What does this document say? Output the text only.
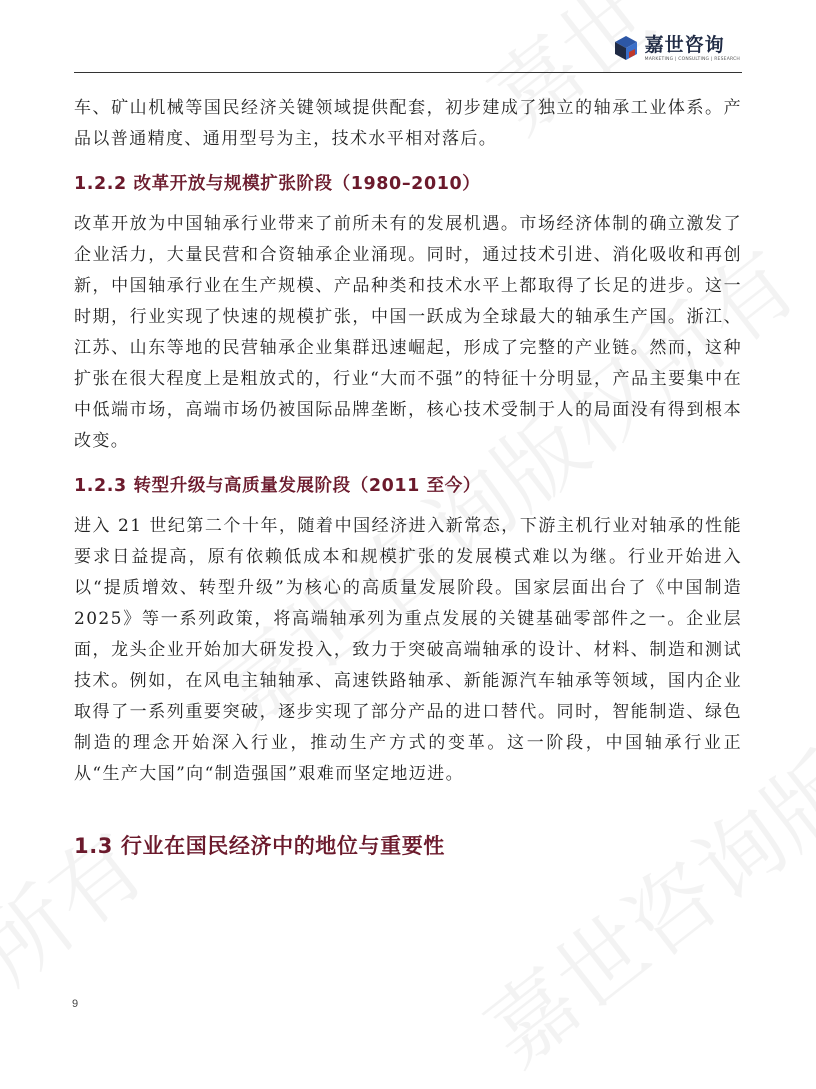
嘉世咨询
MARKETING | CONSULTING | RESEARCH

车、矿山机械等国民经济关键领域提供配套，初步建成了独立的轴承工业体系。产品以普通精度、通用型号为主，技术水平相对落后。

1.2.2 改革开放与规模扩张阶段（1980–2010）

改革开放为中国轴承行业带来了前所未有的发展机遇。市场经济体制的确立激发了企业活力，大量民营和合资轴承企业涌现。同时，通过技术引进、消化吸收和再创新，中国轴承行业在生产规模、产品种类和技术水平上都取得了长足的进步。这一时期，行业实现了快速的规模扩张，中国一跃成为全球最大的轴承生产国。浙江、江苏、山东等地的民营轴承企业集群迅速崛起，形成了完整的产业链。然而，这种扩张在很大程度上是粗放式的，行业“大而不强”的特征十分明显，产品主要集中在中低端市场，高端市场仍被国际品牌垄断，核心技术受制于人的局面没有得到根本改变。

1.2.3 转型升级与高质量发展阶段（2011 至今）

进入 21 世纪第二个十年，随着中国经济进入新常态，下游主机行业对轴承的性能要求日益提高，原有依赖低成本和规模扩张的发展模式难以为继。行业开始进入以“提质增效、转型升级”为核心的高质量发展阶段。国家层面出台了《中国制造 2025》等一系列政策，将高端轴承列为重点发展的关键基础零部件之一。企业层面，龙头企业开始加大研发投入，致力于突破高端轴承的设计、材料、制造和测试技术。例如，在风电主轴轴承、高速铁路轴承、新能源汽车轴承等领域，国内企业取得了一系列重要突破，逐步实现了部分产品的进口替代。同时，智能制造、绿色制造的理念开始深入行业，推动生产方式的变革。这一阶段，中国轴承行业正从“生产大国”向“制造强国”艰难而坚定地迈进。

1.3 行业在国民经济中的地位与重要性
9
